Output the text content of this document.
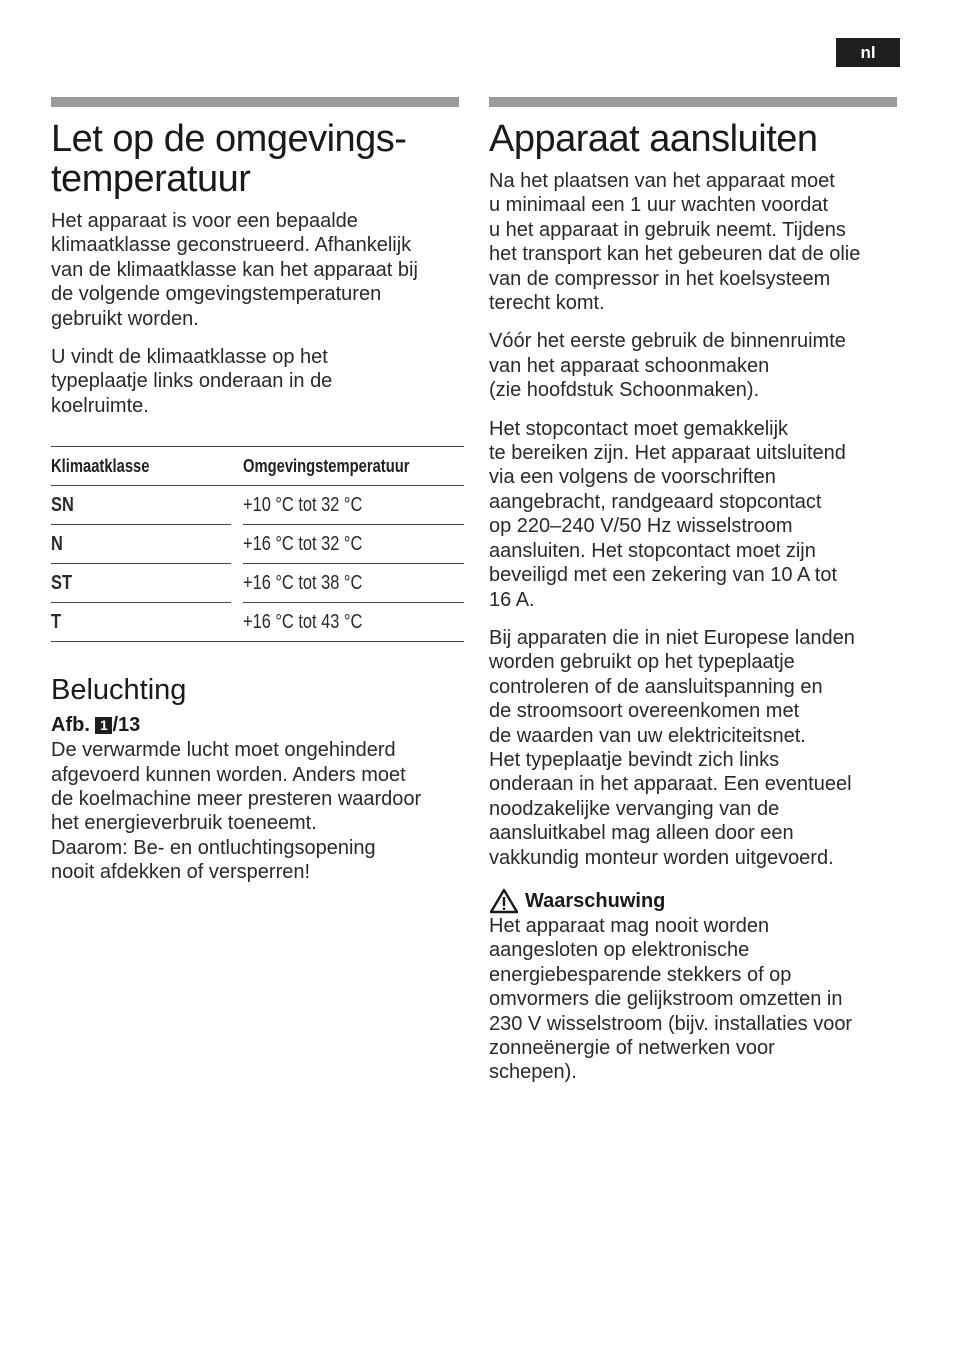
nl
Let op de omgevings-
temperatuur

Het apparaat is voor een bepaalde
klimaatklasse geconstrueerd. Afhankelijk
van de klimaatklasse kan het apparaat bij
de volgende omgevingstemperaturen
gebruikt worden.

U vindt de klimaatklasse op het
typeplaatje links onderaan in de
koelruimte.

Klimaatklasse		Omgevingstemperatuur
SN		+10 °C tot 32 °C
N		+16 °C tot 32 °C
ST		+16 °C tot 38 °C
T		+16 °C tot 43 °C
Beluchting
Afb. 1 /13

De verwarmde lucht moet ongehinderd
afgevoerd kunnen worden. Anders moet
de koelmachine meer presteren waardoor
het energieverbruik toeneemt.
Daarom: Be- en ontluchtingsopening
nooit afdekken of versperren!

Apparaat aansluiten

Na het plaatsen van het apparaat moet
u minimaal een 1 uur wachten voordat
u het apparaat in gebruik neemt. Tijdens
het transport kan het gebeuren dat de olie
van de compressor in het koelsysteem
terecht komt.

Vóór het eerste gebruik de binnenruimte
van het apparaat schoonmaken
(zie hoofdstuk Schoonmaken).

Het stopcontact moet gemakkelijk
te bereiken zijn. Het apparaat uitsluitend
via een volgens de voorschriften
aangebracht, randgeaard stopcontact
op 220–240 V/50 Hz wisselstroom
aansluiten. Het stopcontact moet zijn
beveiligd met een zekering van 10 A tot
16 A.

Bij apparaten die in niet Europese landen
worden gebruikt op het typeplaatje
controleren of de aansluitspanning en
de stroomsoort overeenkomen met
de waarden van uw elektriciteitsnet.
Het typeplaatje bevindt zich links
onderaan in het apparaat. Een eventueel
noodzakelijke vervanging van de
aansluitkabel mag alleen door een
vakkundig monteur worden uitgevoerd.

Waarschuwing

Het apparaat mag nooit worden
aangesloten op elektronische
energiebesparende stekkers of op
omvormers die gelijkstroom omzetten in
230 V wisselstroom (bijv. installaties voor
zonneënergie of netwerken voor
schepen).
